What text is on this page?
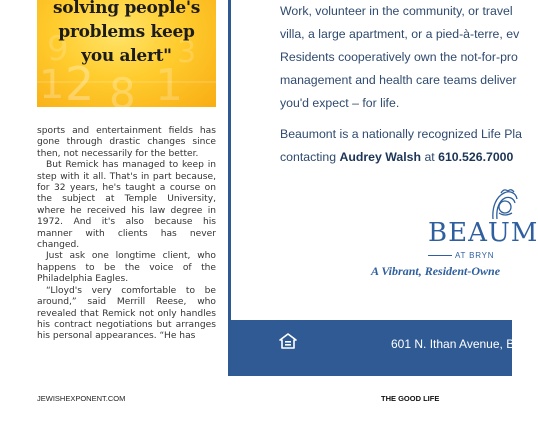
1 2 8 1
9	3
solving people's
problems keep
you alert"

sports and entertainment fields has gone through drastic changes since then, not necessarily for the better.

But Remick has managed to keep in step with it all. That's in part because, for 32 years, he's taught a course on the subject at Temple University, where he received his law degree in 1972. And it's also because his manner with clients has never changed.

Just ask one longtime client, who happens to be the voice of the Philadelphia Eagles.

“Lloyd's very comfortable to be around,” said Merrill Reese, who revealed that Remick not only handles his contract negotiations but arranges his personal appearances. “He has

Work, volunteer in the community, or travel
villa, a large apartment, or a pied-à-terre, ev
Residents cooperatively own the not-for-pro
management and health care teams deliver
you'd expect – for life.
Beaumont is a nationally recognized Life Pla
contacting Audrey Walsh at 610.526.7000
BEAUM
AT BRYN
A Vibrant, Resident-Owne
601 N. Ithan Avenue, B
JEWISHEXPONENT.COM	THE GOOD LIFE
